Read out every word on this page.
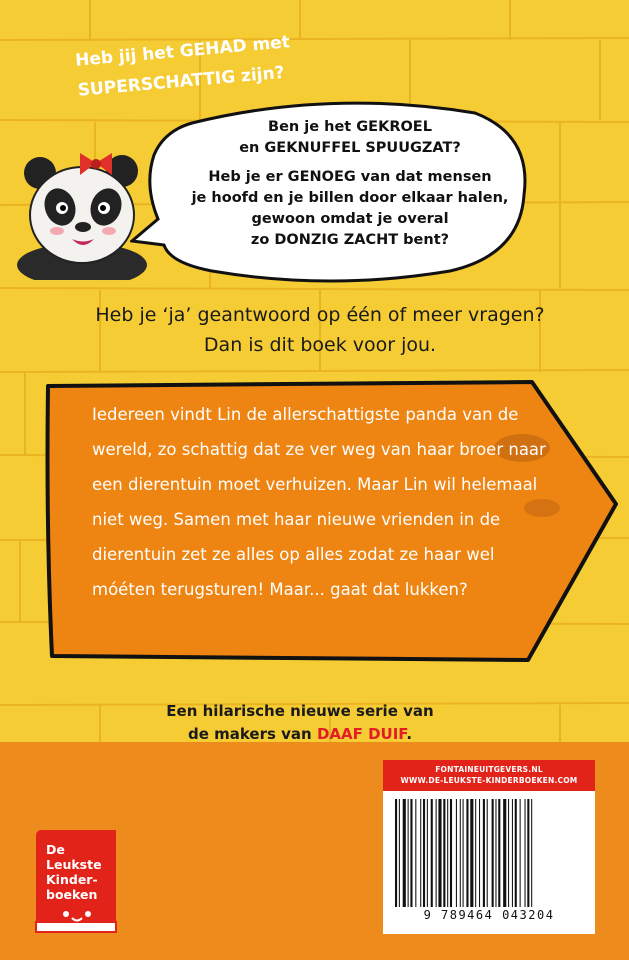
Heb jij het GEHAD met
SUPERSCHATTIG zijn?

Ben je het GEKROEL

en GEKNUFFEL SPUUGZAT?

Heb je er GENOEG van dat mensen

je hoofd en je billen door elkaar halen,

gewoon omdat je overal

zo DONZIG ZACHT bent?

Heb je ‘ja’ geantwoord op één of meer vragen?

Dan is dit boek voor jou.

Iedereen vindt Lin de allerschattigste panda van de wereld, zo schattig dat ze ver weg van haar broer naar een dierentuin moet verhuizen. Maar Lin wil helemaal niet weg. Samen met haar nieuwe vrienden in de dierentuin zet ze alles op alles zodat ze haar wel móéten terugsturen! Maar... gaat dat lukken?
Een hilarische nieuwe serie van
de makers van DAAF DUIF.
FONTAINEUITGEVERS.NL
WWW.DE-LEUKSTE-KINDERBOEKEN.COM
9 789464 043204
De
Leukste
Kinder-
boeken
